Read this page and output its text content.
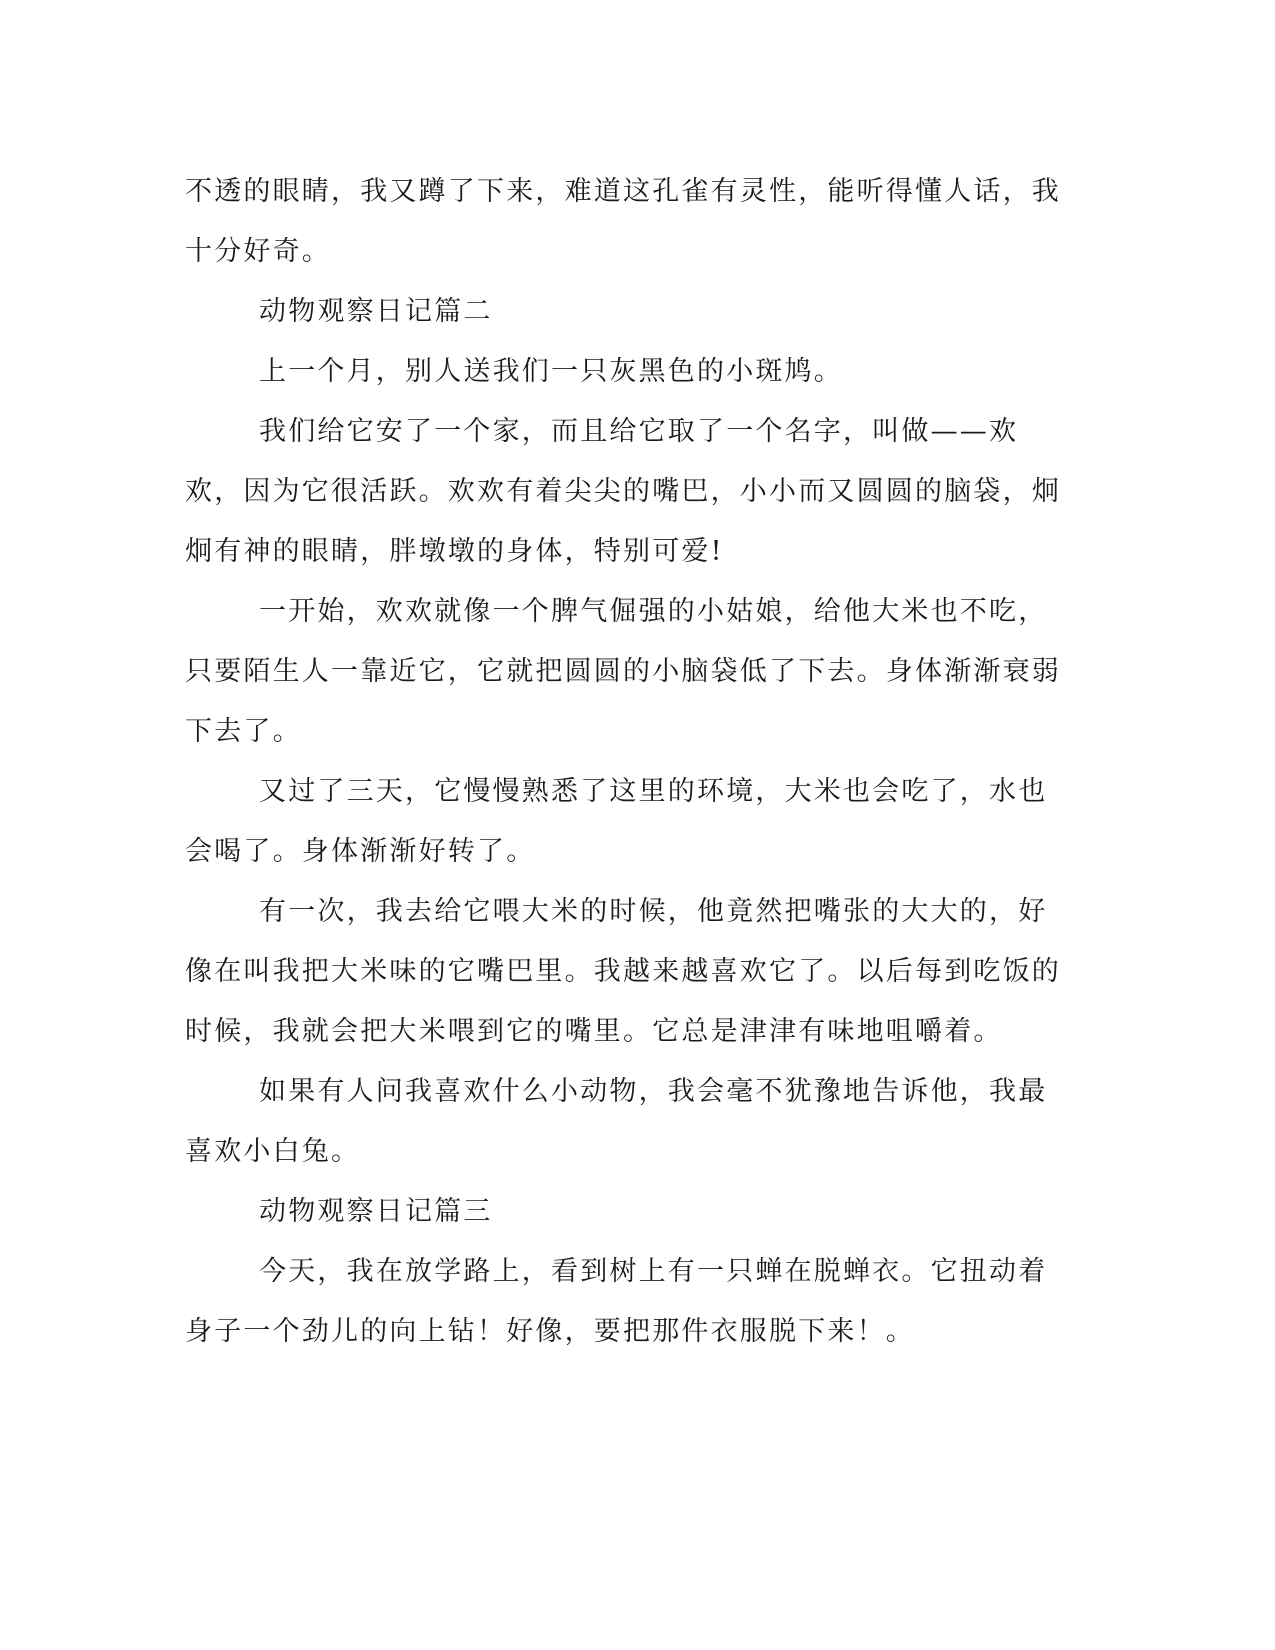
不透的眼睛，我又蹲了下来，难道这孔雀有灵性，能听得懂人话，我十分好奇。

动物观察日记篇二

上一个月，别人送我们一只灰黑色的小斑鸠。

我们给它安了一个家，而且给它取了一个名字，叫做——欢欢，因为它很活跃。欢欢有着尖尖的嘴巴，小小而又圆圆的脑袋，炯炯有神的眼睛，胖墩墩的身体，特别可爱!

一开始，欢欢就像一个脾气倔强的小姑娘，给他大米也不吃，只要陌生人一靠近它，它就把圆圆的小脑袋低了下去。身体渐渐衰弱下去了。

又过了三天，它慢慢熟悉了这里的环境，大米也会吃了，水也会喝了。身体渐渐好转了。

有一次，我去给它喂大米的时候，他竟然把嘴张的大大的，好像在叫我把大米味的它嘴巴里。我越来越喜欢它了。以后每到吃饭的时候，我就会把大米喂到它的嘴里。它总是津津有味地咀嚼着。

如果有人问我喜欢什么小动物，我会毫不犹豫地告诉他，我最喜欢小白兔。

动物观察日记篇三

今天，我在放学路上，看到树上有一只蝉在脱蝉衣。它扭动着身子一个劲儿的向上钻！好像，要把那件衣服脱下来！。
